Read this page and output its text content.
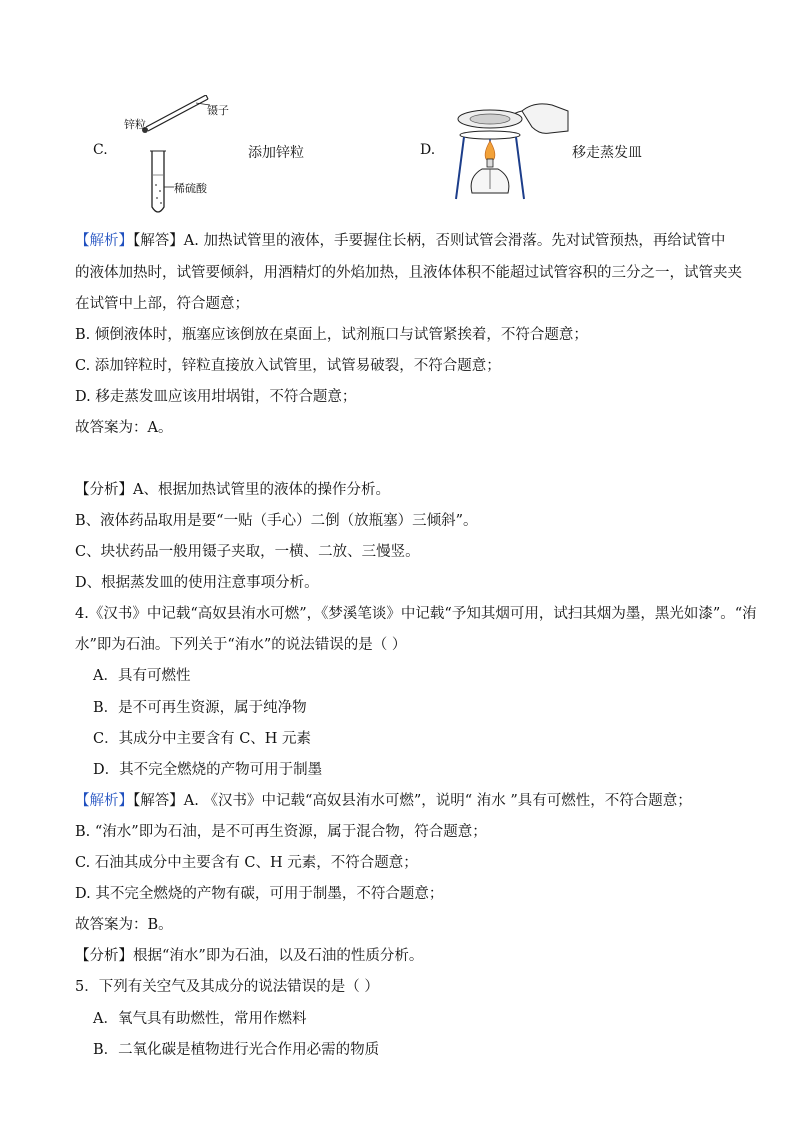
C.
锌粒
镊子
稀硫酸
添加锌粒	D.	移走蒸发皿
【解析】【解答】A. 加热试管里的液体，手要握住长柄，否则试管会滑落。先对试管预热，再给试管中
的液体加热时，试管要倾斜，用酒精灯的外焰加热，且液体体积不能超过试管容积的三分之一，试管夹夹
在试管中上部，符合题意；
B. 倾倒液体时，瓶塞应该倒放在桌面上，试剂瓶口与试管紧挨着，不符合题意；
C. 添加锌粒时，锌粒直接放入试管里，试管易破裂，不符合题意；
D. 移走蒸发皿应该用坩埚钳，不符合题意；
故答案为：A。
【分析】A、根据加热试管里的液体的操作分析。
B、液体药品取用是要“一贴（手心）二倒（放瓶塞）三倾斜”。
C、块状药品一般用镊子夹取，一横、二放、三慢竖。
D、根据蒸发皿的使用注意事项分析。
4.《汉书》中记载“高奴县洧水可燃”，《梦溪笔谈》中记载“予知其烟可用，试扫其烟为墨，黑光如漆”。“洧
水”即为石油。下列关于“洧水”的说法错误的是（ ）
A．具有可燃性
B．是不可再生资源，属于纯净物
C．其成分中主要含有 C、H 元素
D．其不完全燃烧的产物可用于制墨
【解析】【解答】A. 《汉书》中记载“高奴县洧水可燃”，说明“ 洧水 ”具有可燃性，不符合题意；
B. “洧水”即为石油，是不可再生资源，属于混合物，符合题意；
C. 石油其成分中主要含有 C、H 元素，不符合题意；
D. 其不完全燃烧的产物有碳，可用于制墨，不符合题意；
故答案为：B。
【分析】根据“洧水”即为石油，以及石油的性质分析。
5．下列有关空气及其成分的说法错误的是（ ）
A．氧气具有助燃性，常用作燃料
B．二氧化碳是植物进行光合作用必需的物质
